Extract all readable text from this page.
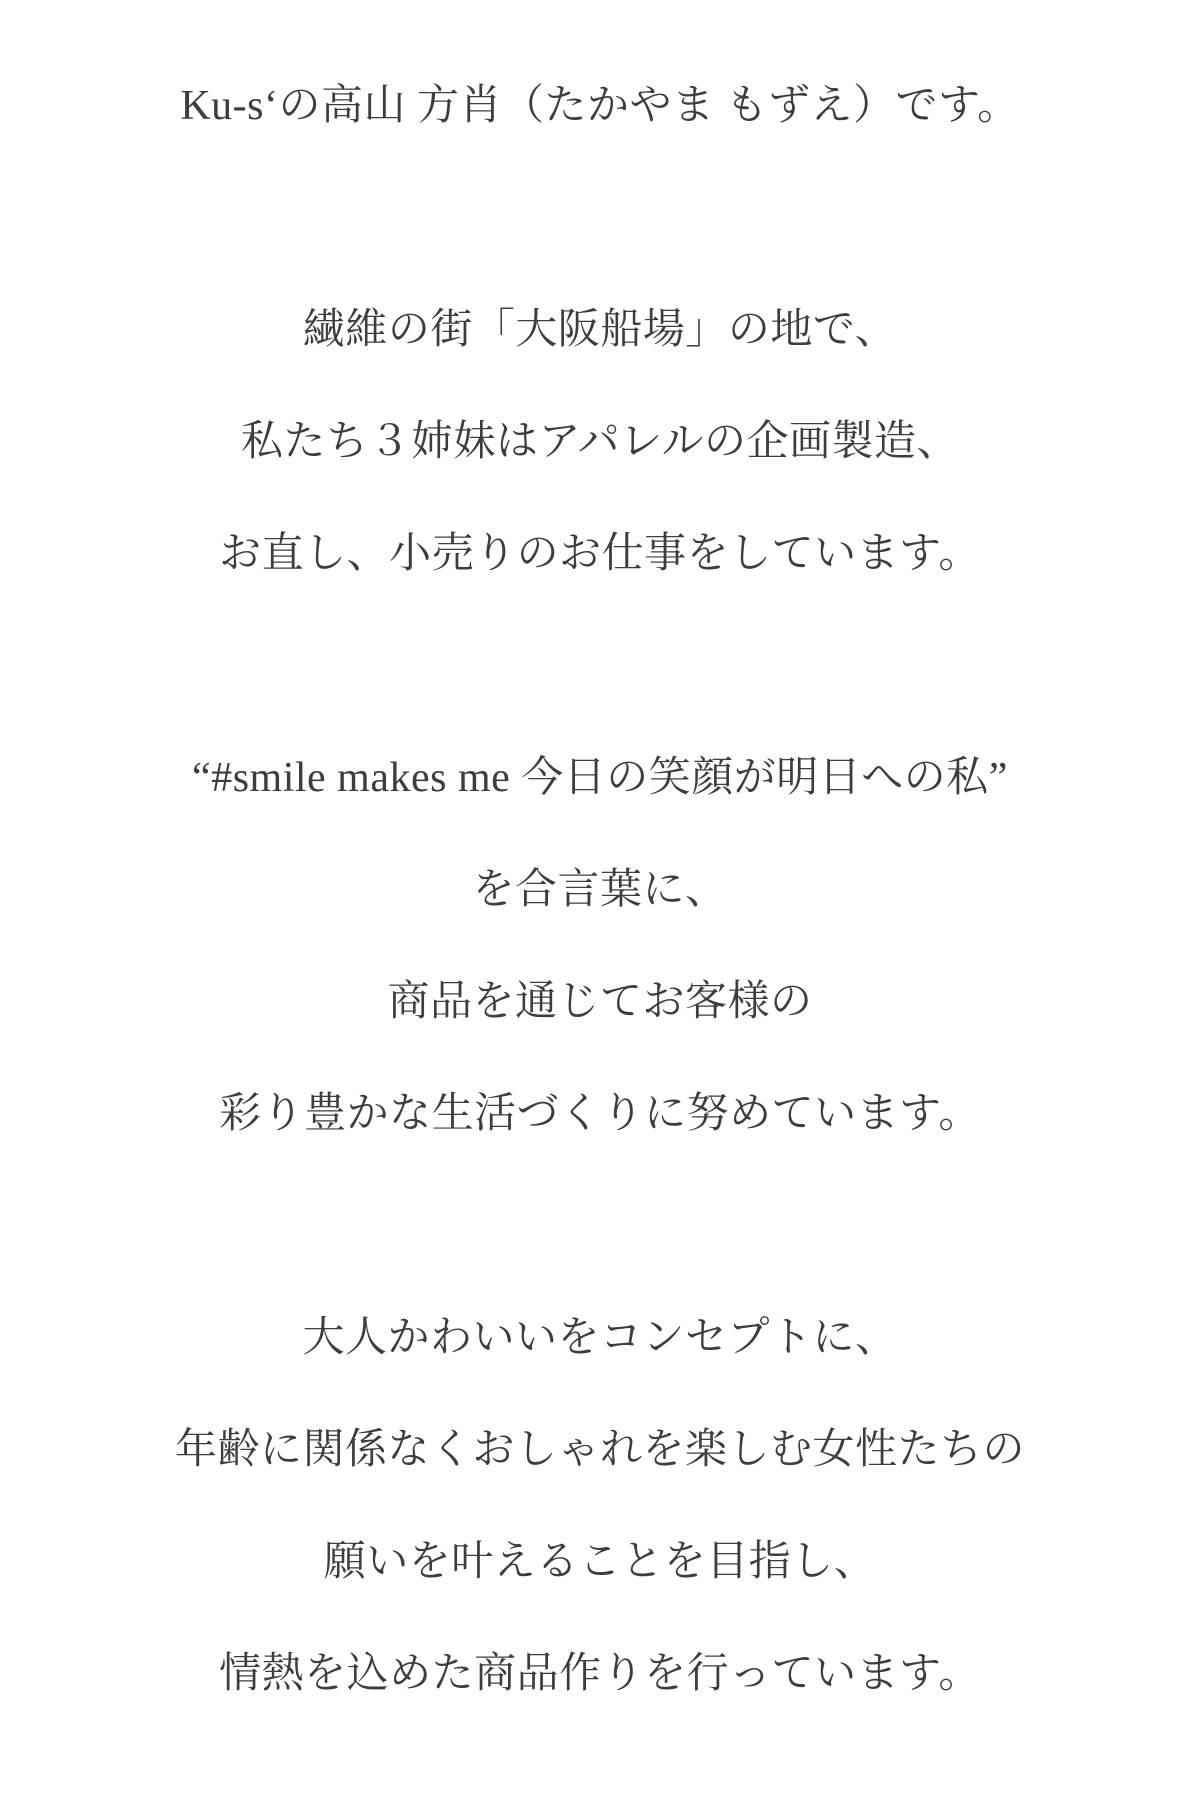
Ku-s‘の高山 方肖（たかやま もずえ）です。

繊維の街「大阪船場」の地で、
私たち３姉妹はアパレルの企画製造、
お直し、小売りのお仕事をしています。

“#smile makes me 今日の笑顔が明日への私”
を合言葉に、
商品を通じてお客様の
彩り豊かな生活づくりに努めています。

大人かわいいをコンセプトに、
年齢に関係なくおしゃれを楽しむ女性たちの
願いを叶えることを目指し、
情熱を込めた商品作りを行っています。
